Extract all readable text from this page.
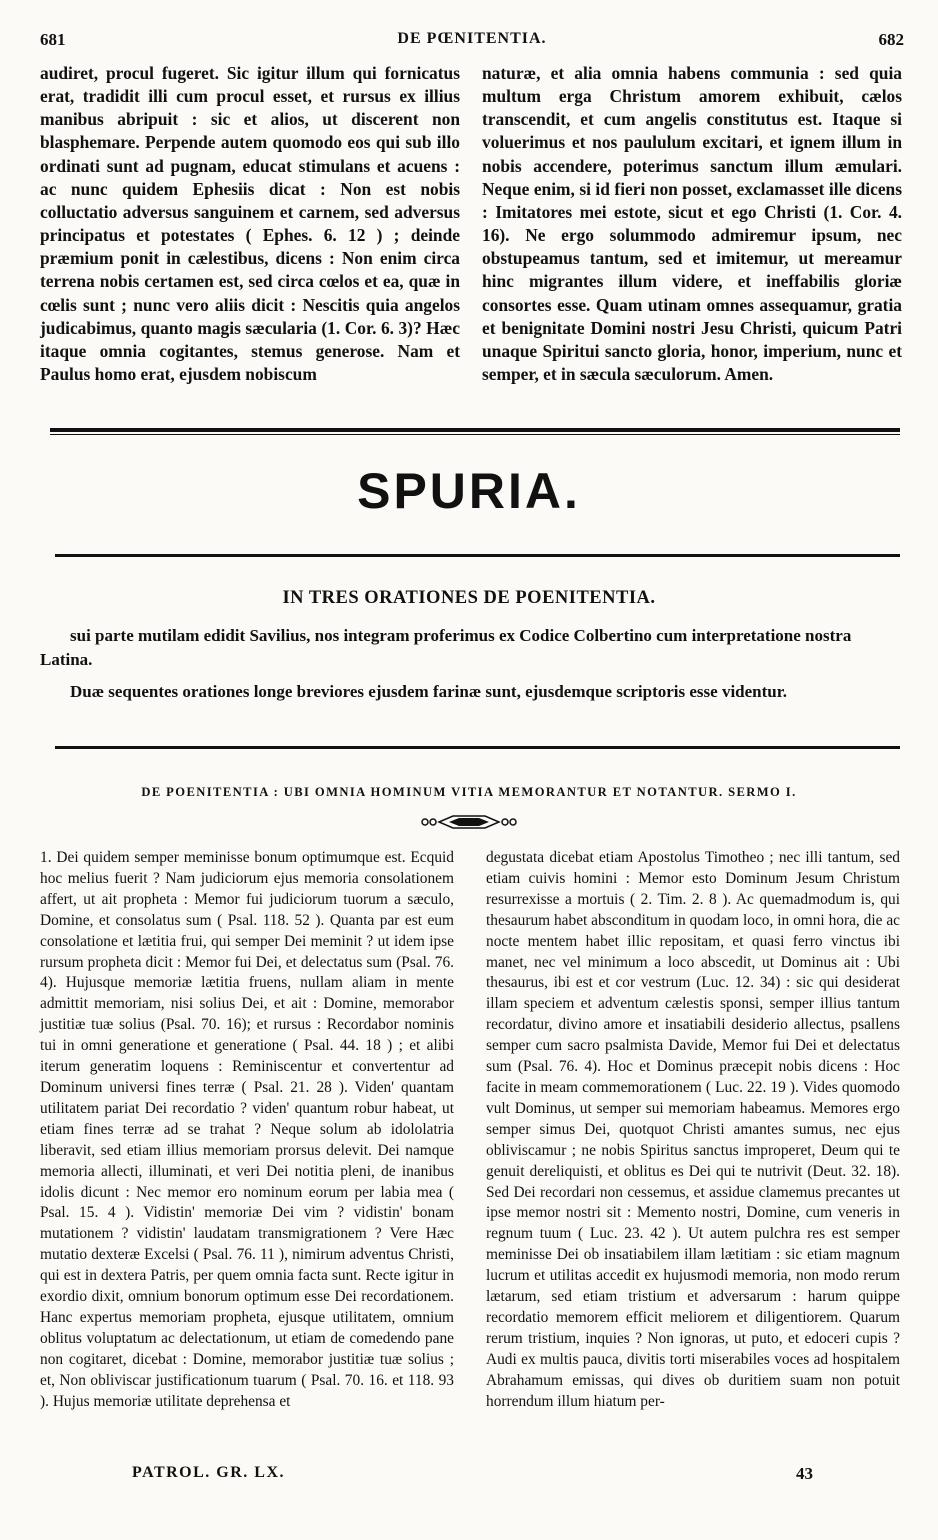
681	DE PŒNITENTIA.	682

audiret, procul fugeret. Sic igitur illum qui fornicatus erat, tradidit illi cum procul esset, et rursus ex illius manibus abripuit : sic et alios, ut discerent non blasphemare. Perpende autem quomodo eos qui sub illo ordinati sunt ad pugnam, educat stimulans et acuens : ac nunc quidem Ephesiis dicat : Non est nobis colluctatio adversus sanguinem et carnem, sed adversus principatus et potestates ( Ephes. 6. 12 ) ; deinde præmium ponit in cælestibus, dicens : Non enim circa terrena nobis certamen est, sed circa cœlos et ea, quæ in cœlis sunt ; nunc vero aliis dicit : Nescitis quia angelos judicabimus, quanto magis sæcularia (1. Cor. 6. 3)? Hæc itaque omnia cogitantes, stemus generose. Nam et Paulus homo erat, ejusdem nobiscum

naturæ, et alia omnia habens communia : sed quia multum erga Christum amorem exhibuit, cælos transcendit, et cum angelis constitutus est. Itaque si voluerimus et nos paululum excitari, et ignem illum in nobis accendere, poterimus sanctum illum æmulari. Neque enim, si id fieri non posset, exclamasset ille dicens : Imitatores mei estote, sicut et ego Christi (1. Cor. 4. 16). Ne ergo solummodo admiremur ipsum, nec obstupeamus tantum, sed et imitemur, ut mereamur hinc migrantes illum videre, et ineffabilis gloriæ consortes esse. Quam utinam omnes assequamur, gratia et benignitate Domini nostri Jesu Christi, quicum Patri unaque Spiritui sancto gloria, honor, imperium, nunc et semper, et in sæcula sæculorum. Amen.

SPURIA.
IN TRES ORATIONES DE POENITENTIA.

sui parte mutilam edidit Savilius, nos integram proferimus ex Codice Colbertino cum interpretatione nostra Latina.

Duæ sequentes orationes longe breviores ejusdem farinæ sunt, ejusdemque scriptoris esse videntur.

DE POENITENTIA : UBI OMNIA HOMINUM VITIA MEMORANTUR ET NOTANTUR. SERMO I.

1. Dei quidem semper meminisse bonum optimumque est. Ecquid hoc melius fuerit ? Nam judiciorum ejus memoria consolationem affert, ut ait propheta : Memor fui judiciorum tuorum a sæculo, Domine, et consolatus sum ( Psal. 118. 52 ). Quanta par est eum consolatione et lætitia frui, qui semper Dei meminit ? ut idem ipse rursum propheta dicit : Memor fui Dei, et delectatus sum (Psal. 76. 4). Hujusque memoriæ lætitia fruens, nullam aliam in mente admittit memoriam, nisi solius Dei, et ait : Domine, memorabor justitiæ tuæ solius (Psal. 70. 16); et rursus : Recordabor nominis tui in omni generatione et generatione ( Psal. 44. 18 ) ; et alibi iterum generatim loquens : Reminiscentur et convertentur ad Dominum universi fines terræ ( Psal. 21. 28 ). Viden' quantam utilitatem pariat Dei recordatio ? viden' quantum robur habeat, ut etiam fines terræ ad se trahat ? Neque solum ab idololatria liberavit, sed etiam illius memoriam prorsus delevit. Dei namque memoria allecti, illuminati, et veri Dei notitia pleni, de inanibus idolis dicunt : Nec memor ero nominum eorum per labia mea ( Psal. 15. 4 ). Vidistin' memoriæ Dei vim ? vidistin' bonam mutationem ? vidistin' laudatam transmigrationem ? Vere Hæc mutatio dexteræ Excelsi ( Psal. 76. 11 ), nimirum adventus Christi, qui est in dextera Patris, per quem omnia facta sunt. Recte igitur in exordio dixit, omnium bonorum optimum esse Dei recordationem. Hanc expertus memoriam propheta, ejusque utilitatem, omnium oblitus voluptatum ac delectationum, ut etiam de comedendo pane non cogitaret, dicebat : Domine, memorabor justitiæ tuæ solius ; et, Non obliviscar justificationum tuarum ( Psal. 70. 16. et 118. 93 ). Hujus memoriæ utilitate deprehensa et

degustata dicebat etiam Apostolus Timotheo ; nec illi tantum, sed etiam cuivis homini : Memor esto Dominum Jesum Christum resurrexisse a mortuis ( 2. Tim. 2. 8 ). Ac quemadmodum is, qui thesaurum habet absconditum in quodam loco, in omni hora, die ac nocte mentem habet illic repositam, et quasi ferro vinctus ibi manet, nec vel minimum a loco abscedit, ut Dominus ait : Ubi thesaurus, ibi est et cor vestrum (Luc. 12. 34) : sic qui desiderat illam speciem et adventum cælestis sponsi, semper illius tantum recordatur, divino amore et insatiabili desiderio allectus, psallens semper cum sacro psalmista Davide, Memor fui Dei et delectatus sum (Psal. 76. 4). Hoc et Dominus præcepit nobis dicens : Hoc facite in meam commemorationem ( Luc. 22. 19 ). Vides quomodo vult Dominus, ut semper sui memoriam habeamus. Memores ergo semper simus Dei, quotquot Christi amantes sumus, nec ejus obliviscamur ; ne nobis Spiritus sanctus improperet, Deum qui te genuit dereliquisti, et oblitus es Dei qui te nutrivit (Deut. 32. 18). Sed Dei recordari non cessemus, et assidue clamemus precantes ut ipse memor nostri sit : Memento nostri, Domine, cum veneris in regnum tuum ( Luc. 23. 42 ). Ut autem pulchra res est semper meminisse Dei ob insatiabilem illam lætitiam : sic etiam magnum lucrum et utilitas accedit ex hujusmodi memoria, non modo rerum lætarum, sed etiam tristium et adversarum : harum quippe recordatio memorem efficit meliorem et diligentiorem. Quarum rerum tristium, inquies ? Non ignoras, ut puto, et edoceri cupis ? Audi ex multis pauca, divitis torti miserabiles voces ad hospitalem Abrahamum emissas, qui dives ob duritiem suam non potuit horrendum illum hiatum per-

PATROL. GR. LX.	43
